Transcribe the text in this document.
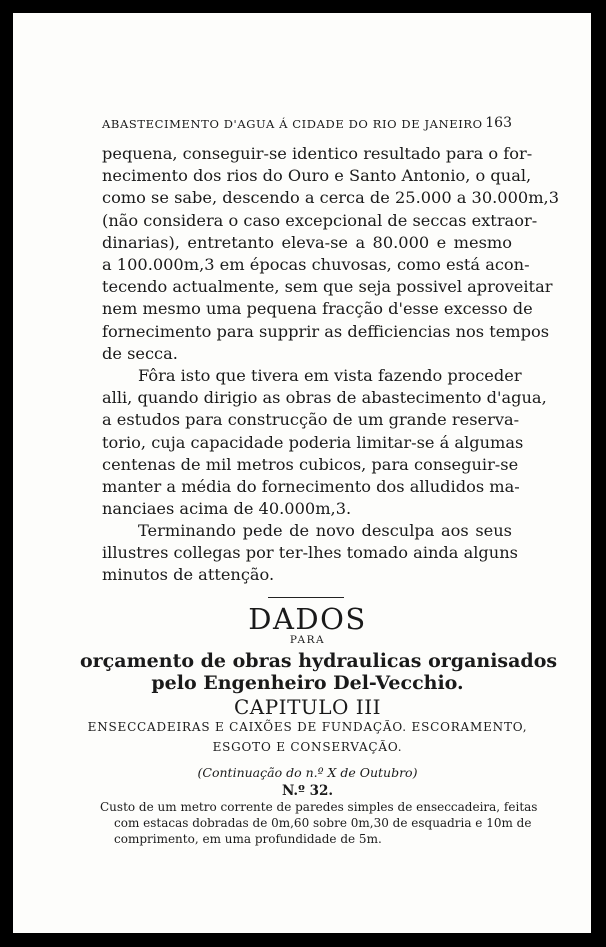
ABASTECIMENTO D'AGUA Á CIDADE DO RIO DE JANEIRO 163
pequena, conseguir-se identico resultado para o for-
necimento dos rios do Ouro e Santo Antonio, o qual,
como se sabe, descendo a cerca de 25.000 a 30.000m,3
(não considera o caso excepcional de seccas extraor-
dinarias), entretanto eleva-se a 80.000 e mesmo
a 100.000m,3 em épocas chuvosas, como está acon-
tecendo actualmente, sem que seja possivel aproveitar
nem mesmo uma pequena fracção d'esse excesso de
fornecimento para supprir as defficiencias nos tempos
de secca.
Fôra isto que tivera em vista fazendo proceder
alli, quando dirigio as obras de abastecimento d'agua,
a estudos para construcção de um grande reserva-
torio, cuja capacidade poderia limitar-se á algumas
centenas de mil metros cubicos, para conseguir-se
manter a média do fornecimento dos alludidos ma-
nanciaes acima de 40.000m,3.
Terminando pede de novo desculpa aos seus
illustres collegas por ter-lhes tomado ainda alguns
minutos de attenção.
DADOS
PARA
orçamento de obras hydraulicas organisados
pelo Engenheiro Del-Vecchio.
CAPITULO III
ENSECCADEIRAS E CAIXÕES DE FUNDAÇÃO. ESCORAMENTO,
ESGOTO E CONSERVAÇÃO.
(Continuação do n.º X de Outubro)
N.º 32.
Custo de um metro corrente de paredes simples de enseccadeira, feitas
com estacas dobradas de 0m,60 sobre 0m,30 de esquadria e 10m de
comprimento, em uma profundidade de 5m.
